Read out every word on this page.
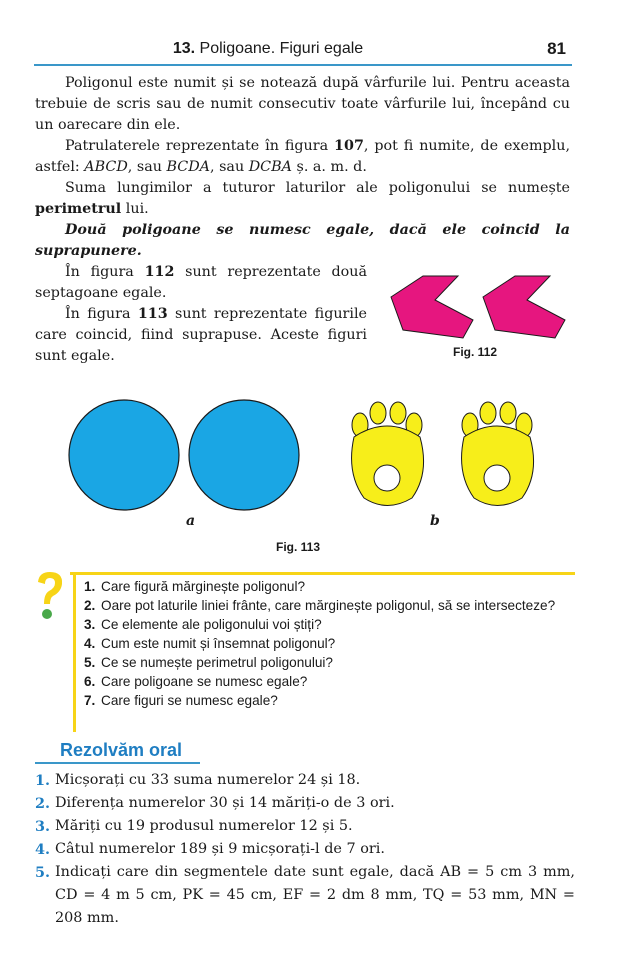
13. Poligoane. Figuri egale	81

Poligonul este numit și se notează după vârfurile lui. Pentru aceasta trebuie de scris sau de numit consecutiv toate vârfurile lui, începând cu un oarecare din ele.

Patrulaterele reprezentate în figura 107, pot fi numite, de exemplu, astfel: ABCD, sau BCDA, sau DCBA ș. a. m. d.

Suma lungimilor a tuturor laturilor ale poligonului se numește perimetrul lui.

Două poligoane se numesc egale, dacă ele coincid la suprapunere.

În figura 112 sunt reprezentate două septagoane egale.

În figura 113 sunt reprezentate figurile care coincid, fiind suprapuse. Aceste figuri sunt egale.	Fig. 112
a	b
Fig. 113
1. Care figură mărginește poligonul?
2. Oare pot laturile liniei frânte, care mărginește poligonul, să se intersecteze?
3. Ce elemente ale poligonului voi știți?
4. Cum este numit și însemnat poligonul?
5. Ce se numește perimetrul poligonului?
6. Care poligoane se numesc egale?
7. Care figuri se numesc egale?
Rezolvăm oral
1. Micșorați cu 33 suma numerelor 24 și 18.
2. Diferența numerelor 30 și 14 măriți-o de 3 ori.
3. Măriți cu 19 produsul numerelor 12 și 5.
4. Câtul numerelor 189 și 9 micșorați-l de 7 ori.
5. Indicați care din segmentele date sunt egale, dacă AB = 5 cm 3 mm, CD = 4 m 5 cm, PK = 45 cm, EF = 2 dm 8 mm, TQ = 53 mm, MN = 208 mm.
